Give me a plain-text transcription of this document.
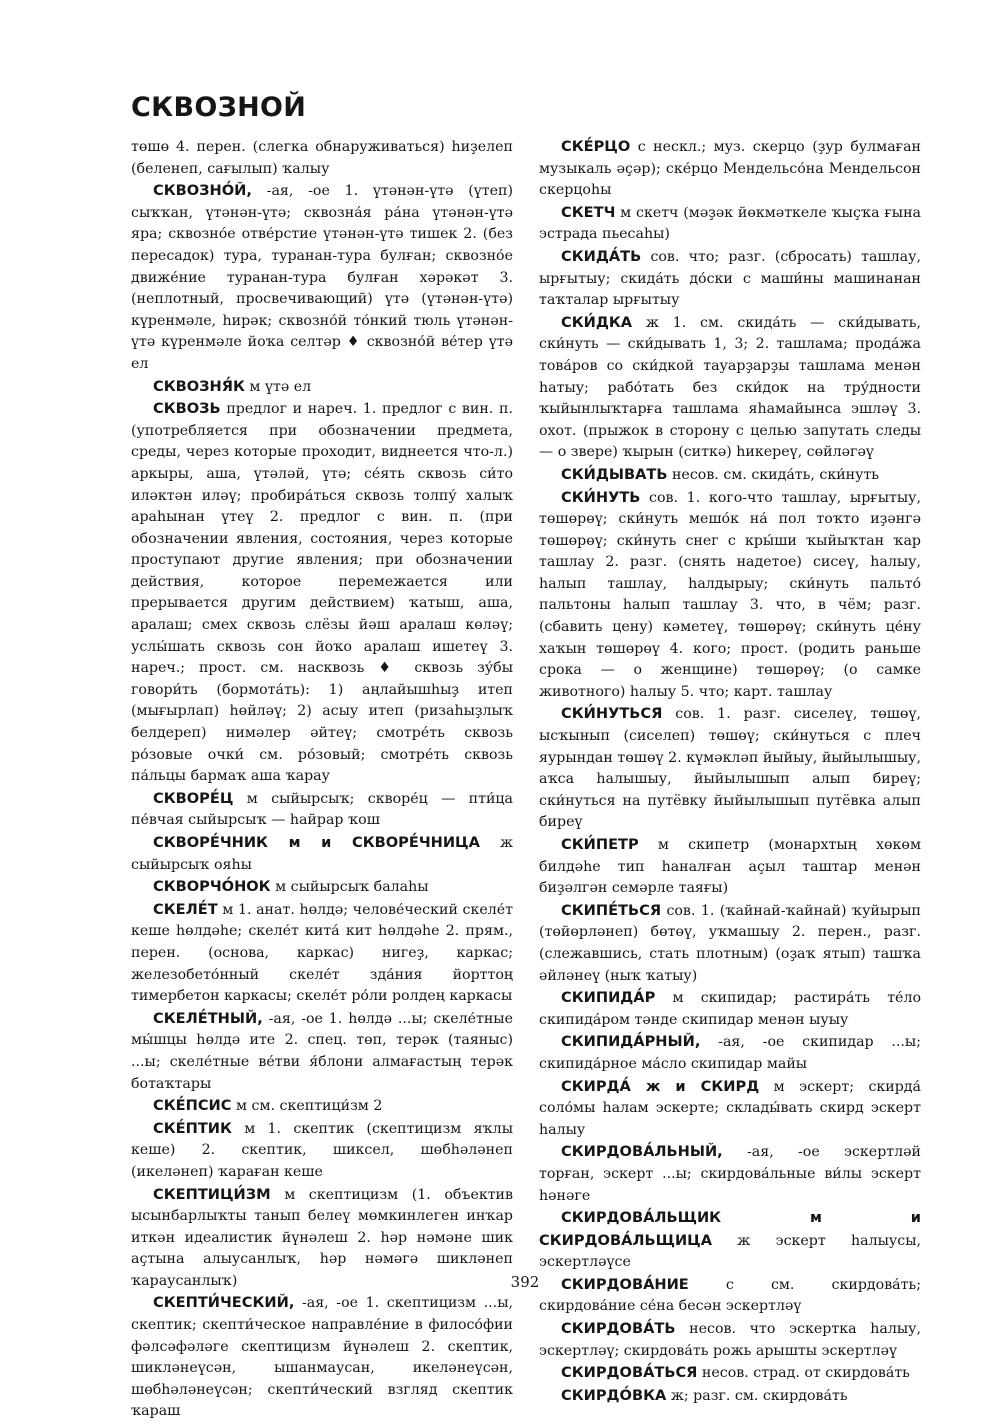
СКВОЗНОЙ

төшө 4. перен. (слегка обнаруживаться) һиҙелеп (беленеп, сағылып) ҡалыу

СКВОЗНО́Й, -ая, -ое 1. үтәнән-үтә (үтеп) сыҡҡан, үтәнән-үтә; сквозна́я ра́на үтәнән-үтә яра; сквозно́е отве́рстие үтәнән-үтә тишек 2. (без пересадок) тура, туранан-тура булған; сквозно́е движе́ние туранан-тура булған хәрәкәт 3. (неплотный, просвечивающий) үтә (үтәнән-үтә) күренмәле, һирәк; сквозно́й то́нкий тюль үтәнән-үтә күренмәле йоҡа селтәр ♦ сквозно́й ве́тер үтә ел

СКВОЗНЯ́К м үтә ел

СКВОЗЬ предлог и нареч. 1. предлог с вин. п. (употребляется при обозначении предмета, среды, через которые проходит, виднеется что-л.) аркыры, аша, үтәләй, үтә; се́ять сквозь си́то иләктән иләү; пробира́ться сквозь толпу́ халыҡ араһынан үтеү 2. предлог с вин. п. (при обозначении явления, состояния, через которые проступают другие явления; при обозначении действия, которое перемежается или прерывается другим действием) ҡатыш, аша, аралаш; смех сквозь слёзы йәш аралаш көләү; услы́шать сквозь сон йоҡо аралаш ишетеү 3. нареч.; прост. см. насквозь ♦ сквозь зу́бы говори́ть (бормота́ть): 1) аңлайышһыҙ итеп (мығырлап) һөйләү; 2) асыу итеп (ризаһыҙлыҡ белдереп) нимәлер әйтеү; смотре́ть сквозь ро́зовые очки́ см. ро́зовый; смотре́ть сквозь па́льцы бармаҡ аша ҡарау

СКВОРЕ́Ц м сыйырсыҡ; скворе́ц — пти́ца пе́вчая сыйырсыҡ — һайрар ҡош

СКВОРЕ́ЧНИК м и СКВОРЕ́ЧНИЦА ж сыйырсыҡ ояһы

СКВОРЧО́НОК м сыйырсыҡ балаһы

СКЕЛЕ́Т м 1. анат. һөлдә; челове́ческий скеле́т кеше һөлдәһе; скеле́т кита́ кит һөлдәһе 2. прям., перен. (основа, каркас) нигеҙ, каркас; железобето́нный скеле́т зда́ния йорттоң тимербетон каркасы; скеле́т ро́ли ролдең каркасы

СКЕЛЕ́ТНЫЙ, -ая, -ое 1. һөлдә ...ы; скеле́тные мы́шцы һөлдә ите 2. спец. төп, терәк (таяныс) ...ы; скеле́тные ве́тви я́блони алмағастың терәк ботаҡтары

СКЕ́ПСИС м см. скептици́зм 2

СКЕ́ПТИК м 1. скептик (скептицизм яҡлы кеше) 2. скептик, шиксел, шөбһәләнеп (икеләнеп) ҡараған кеше

СКЕПТИЦИ́ЗМ м скептицизм (1. объектив ысынбарлыҡты танып белеү мөмкинлеген инҡар иткән идеалистик йүнәлеш 2. һәр нәмәне шик аҫтына алыусанлыҡ, һәр нәмәгә шикләнеп ҡараусанлыҡ)

СКЕПТИ́ЧЕСКИЙ, -ая, -ое 1. скептицизм ...ы, скептик; скепти́ческое направле́ние в филосо́фии фәлсәфәләге скептицизм йүнәлеш 2. скептик, шикләнеүсән, ышанмаусан, икеләнеүсән, шөбһәләнеүсән; скепти́ческий взгляд скептик ҡараш

СКЕ́РЦО с нескл.; муз. скерцо (ҙур булмаған музыкаль әҫәр); ске́рцо Мендельсо́на Мендельсон скерцоһы

СКЕТЧ м скетч (мәҙәк йөкмәткеле ҡыҫҡа ғына эстрада пьесаһы)

СКИДА́ТЬ сов. что; разг. (сбросать) ташлау, ырғытыу; скида́ть до́ски с маши́ны машинанан таҡталар ырғытыу

СКИ́ДКА ж 1. см. скида́ть — ски́дывать, ски́нуть — ски́дывать 1, 3; 2. ташлама; прода́жа това́ров со ски́дкой тауарҙарҙы ташлама менән һатыу; рабо́тать без ски́док на тру́дности ҡыйынлыҡтарға ташлама яһамайынса эшләү 3. охот. (прыжок в сторону с целью запутать следы — о звере) ҡырын (ситкә) һикереү, сөйләгәү

СКИ́ДЫВАТЬ несов. см. скида́ть, ски́нуть

СКИ́НУТЬ сов. 1. кого-что ташлау, ырғытыу, төшөрөү; ски́нуть мешо́к на́ пол тоҡто иҙәнгә төшөрөү; ски́нуть снег с кры́ши ҡыйыҡтан ҡар ташлау 2. разг. (снять надетое) сисеү, һалыу, һалып ташлау, һалдырыу; ски́нуть пальто́ пальтоны һалып ташлау 3. что, в чём; разг. (сбавить цену) кәметеү, төшөрөү; ски́нуть це́ну хаҡын төшөрөү 4. кого; прост. (родить раньше срока — о женщине) төшөрөү; (о самке животного) һалыу 5. что; карт. ташлау

СКИ́НУТЬСЯ сов. 1. разг. сиселеү, төшөү, ысҡынып (сиселеп) төшөү; ски́нуться с плеч яурындан төшөү 2. күмәкләп йыйыу, йыйылышыу, аҡса һалышыу, йыйылышып алып биреү; ски́нуться на путёвку йыйылышып путёвка алып биреү

СКИ́ПЕТР м скипетр (монархтың хөкөм билдәһе тип һаналған аҫыл таштар менән биҙәлгән семәрле таяғы)

СКИПЕ́ТЬСЯ сов. 1. (ҡайнай-ҡайнай) ҡуйырып (төйөрләнеп) бөтөү, уҡмашыу 2. перен., разг. (слежавшись, стать плотным) (оҙаҡ ятып) ташҡа әйләнеү (ныҡ ҡатыу)

СКИПИДА́Р м скипидар; растира́ть те́ло скипида́ром тәнде скипидар менән ыуыу

СКИПИДА́РНЫЙ, -ая, -ое скипидар ...ы; скипида́рное ма́сло скипидар майы

СКИРДА́ ж и СКИРД м эскерт; скирда́ соло́мы һалам эскерте; склады́вать скирд эскерт һалыу

СКИРДОВА́ЛЬНЫЙ, -ая, -ое эскертләй торған, эскерт ...ы; скирдова́льные ви́лы эскерт һәнәге

СКИРДОВА́ЛЬЩИК м и СКИРДОВА́ЛЬЩИЦА ж эскерт һалыусы, эскертләүсе

СКИРДОВА́НИЕ с см. скирдова́ть; скирдова́ние се́на бесән эскертләү

СКИРДОВА́ТЬ несов. что эскертка һалыу, эскертләү; скирдова́ть рожь арышты эскертләү

СКИРДОВА́ТЬСЯ несов. страд. от скирдова́ть

СКИРДО́ВКА ж; разг. см. скирдова́ть

392
